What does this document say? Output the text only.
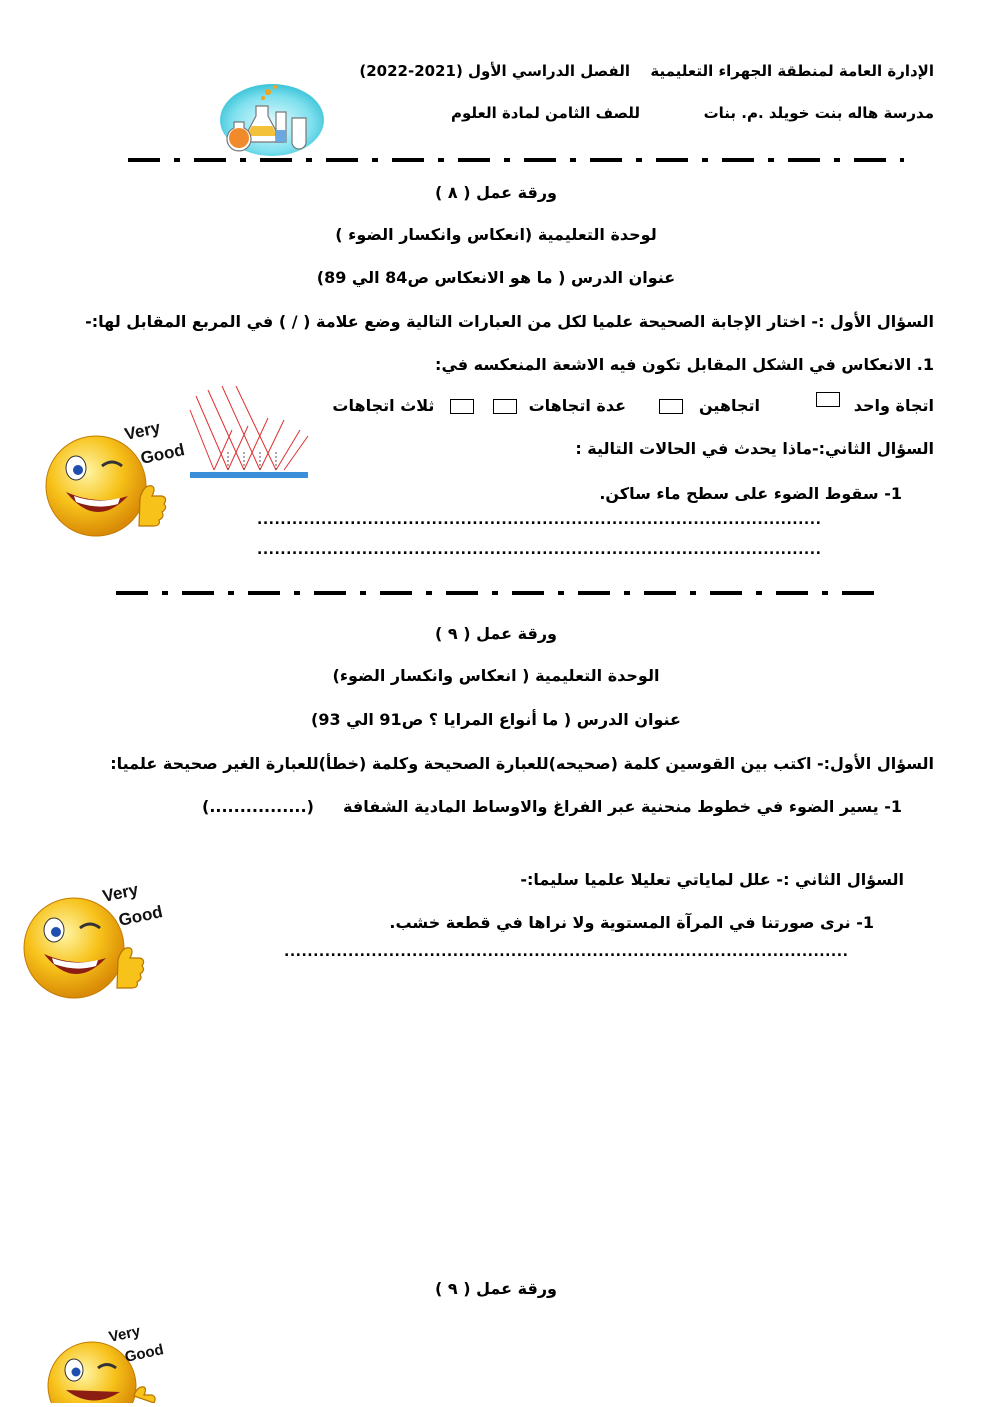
الإدارة العامة لمنطقة الجهراء التعليمية
الفصل الدراسي الأول (2021-2022)
مدرسة هاله بنت خويلد .م. بنات
للصف الثامن لمادة العلوم
ورقة عمل ( ٨ )
لوحدة التعليمية (انعكاس وانكسار الضوء )
عنوان الدرس ( ما هو الانعكاس ص84 الي 89)
السؤال الأول :- اختار الإجابة الصحيحة علميا لكل من العبارات التالية وضع علامة ( / ) في المربع المقابل لها:-
1. الانعكاس في الشكل المقابل تكون فيه الاشعة المنعكسه في:
اتجاة واحد
اتجاهين
عدة اتجاهات
ثلاث اتجاهات
السؤال الثاني:-ماذا يحدث في الحالات التالية :
1- سقوط الضوء على سطح ماء ساكن.
.................................................................................................
.................................................................................................
Very
Good
ورقة عمل ( ٩ )
الوحدة التعليمية ( انعكاس وانكسار الضوء)
عنوان الدرس ( ما أنواع المرايا ؟ ص91 الي 93)
السؤال الأول:- اكتب بين القوسين كلمة (صحيحه)للعبارة الصحيحة وكلمة (خطأ)للعبارة الغير صحيحة علميا:
1- يسير الضوء في خطوط منحنية عبر الفراغ والاوساط المادية الشفافة
(................)
السؤال الثاني :- علل لماياتي تعليلا علميا سليما:-
1- نرى صورتنا في المرآة المستوية ولا نراها في قطعة خشب.
.................................................................................................
Very
Good
ورقة عمل ( ٩ )
Very
Good
